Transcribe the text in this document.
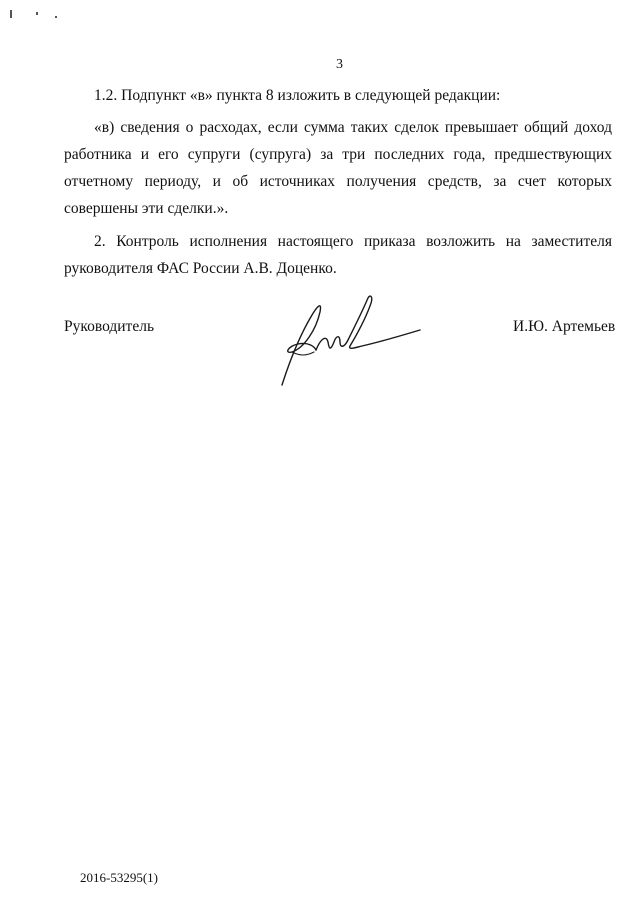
3

1.2. Подпункт «в» пункта 8 изложить в следующей редакции:

«в) сведения о расходах, если сумма таких сделок превышает общий доход работника и его супруги (супруга) за три последних года, предшествующих отчетному периоду, и об источниках получения средств, за счет которых совершены эти сделки.».

2. Контроль исполнения настоящего приказа возложить на заместителя руководителя ФАС России А.В. Доценко.

Руководитель	И.Ю. Артемьев
2016-53295(1)
